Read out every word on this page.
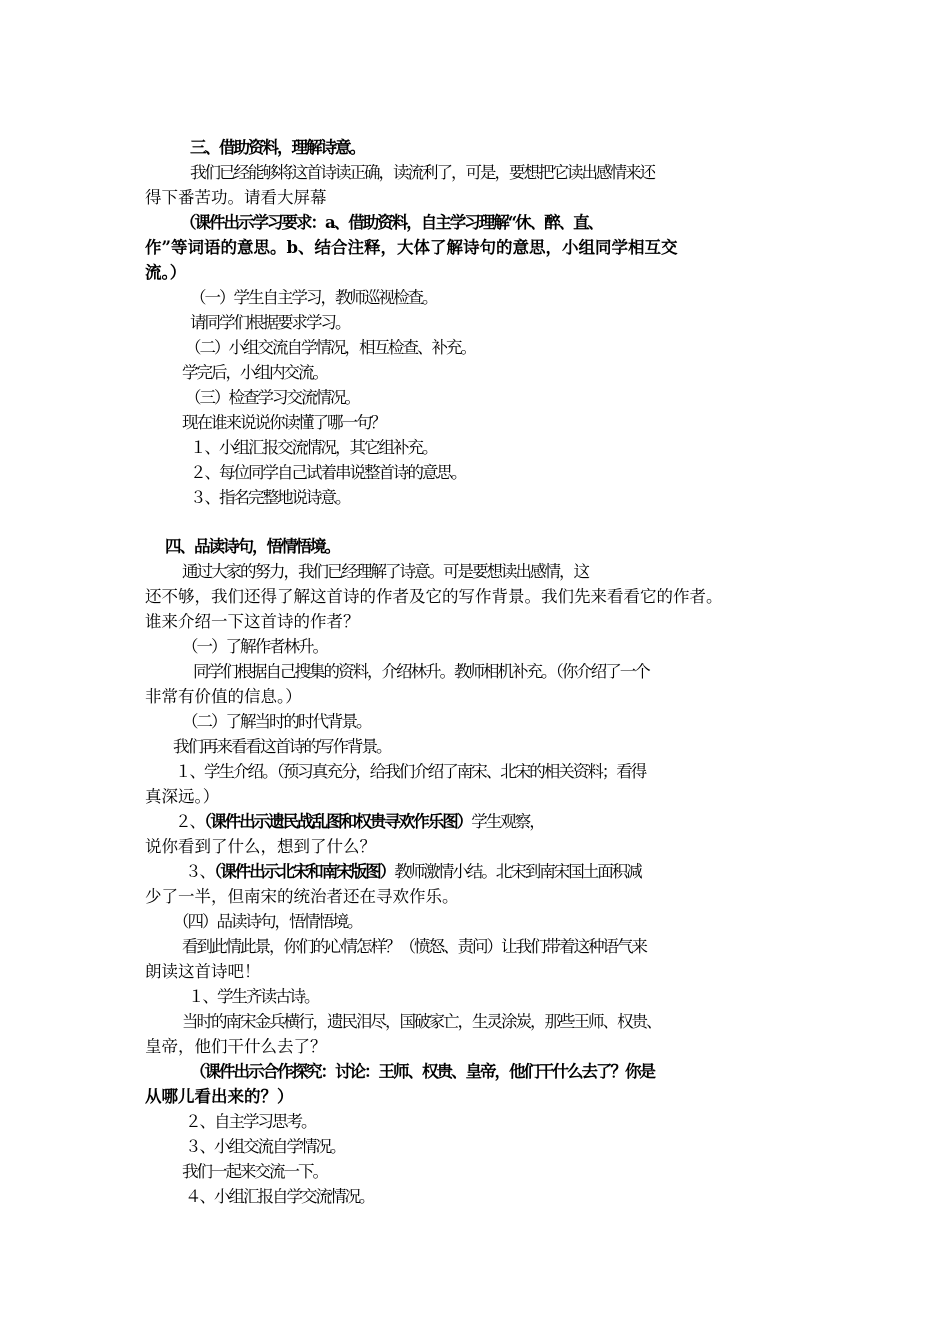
三、借助资料，理解诗意。
我们已经能够将这首诗读正确，读流利了，可是，要想把它读出感情来还
得下番苦功。请看大屏幕
（课件出示学习要求：a、借助资料，自主学习理解“休、醉、直、
作”等词语的意思。b、结合注释，大体了解诗句的意思，小组同学相互交
流。）
（一）学生自主学习，教师巡视检查。
请同学们根据要求学习。
（二）小组交流自学情况，相互检查、补充。
学完后，小组内交流。
（三）检查学习交流情况。
现在谁来说说你读懂了哪一句？
１、小组汇报交流情况，其它组补充。
２、每位同学自己试着串说整首诗的意思。
３、指名完整地说诗意。
四、品读诗句，悟情悟境。
通过大家的努力，我们已经理解了诗意。可是要想读出感情，这
还不够，我们还得了解这首诗的作者及它的写作背景。我们先来看看它的作者。
谁来介绍一下这首诗的作者？
（一）了解作者林升。
同学们根据自己搜集的资料，介绍林升。教师相机补充。（你介绍了一个
非常有价值的信息。）
（二）了解当时的时代背景。
我们再来看看这首诗的写作背景。
１、学生介绍。（预习真充分，给我们介绍了南宋、北宋的相关资料；看得
真深远。）
２、（课件出示遗民战乱图和权贵寻欢作乐图）学生观察，
说你看到了什么，想到了什么？
３、（课件出示北宋和南宋版图）教师激情小结。北宋到南宋国土面积减
少了一半，但南宋的统治者还在寻欢作乐。
（四）品读诗句，悟情悟境。
看到此情此景，你们的心情怎样？（愤怒、责问）让我们带着这种语气来
朗读这首诗吧！
１、学生齐读古诗。
当时的南宋金兵横行，遗民泪尽，国破家亡，生灵涂炭，那些王师、权贵、
皇帝，他们干什么去了？
（课件出示合作探究：讨论：王师、权贵、皇帝，他们干什么去了？你是
从哪儿看出来的？）
２、自主学习思考。
３、小组交流自学情况。
我们一起来交流一下。
４、小组汇报自学交流情况。
